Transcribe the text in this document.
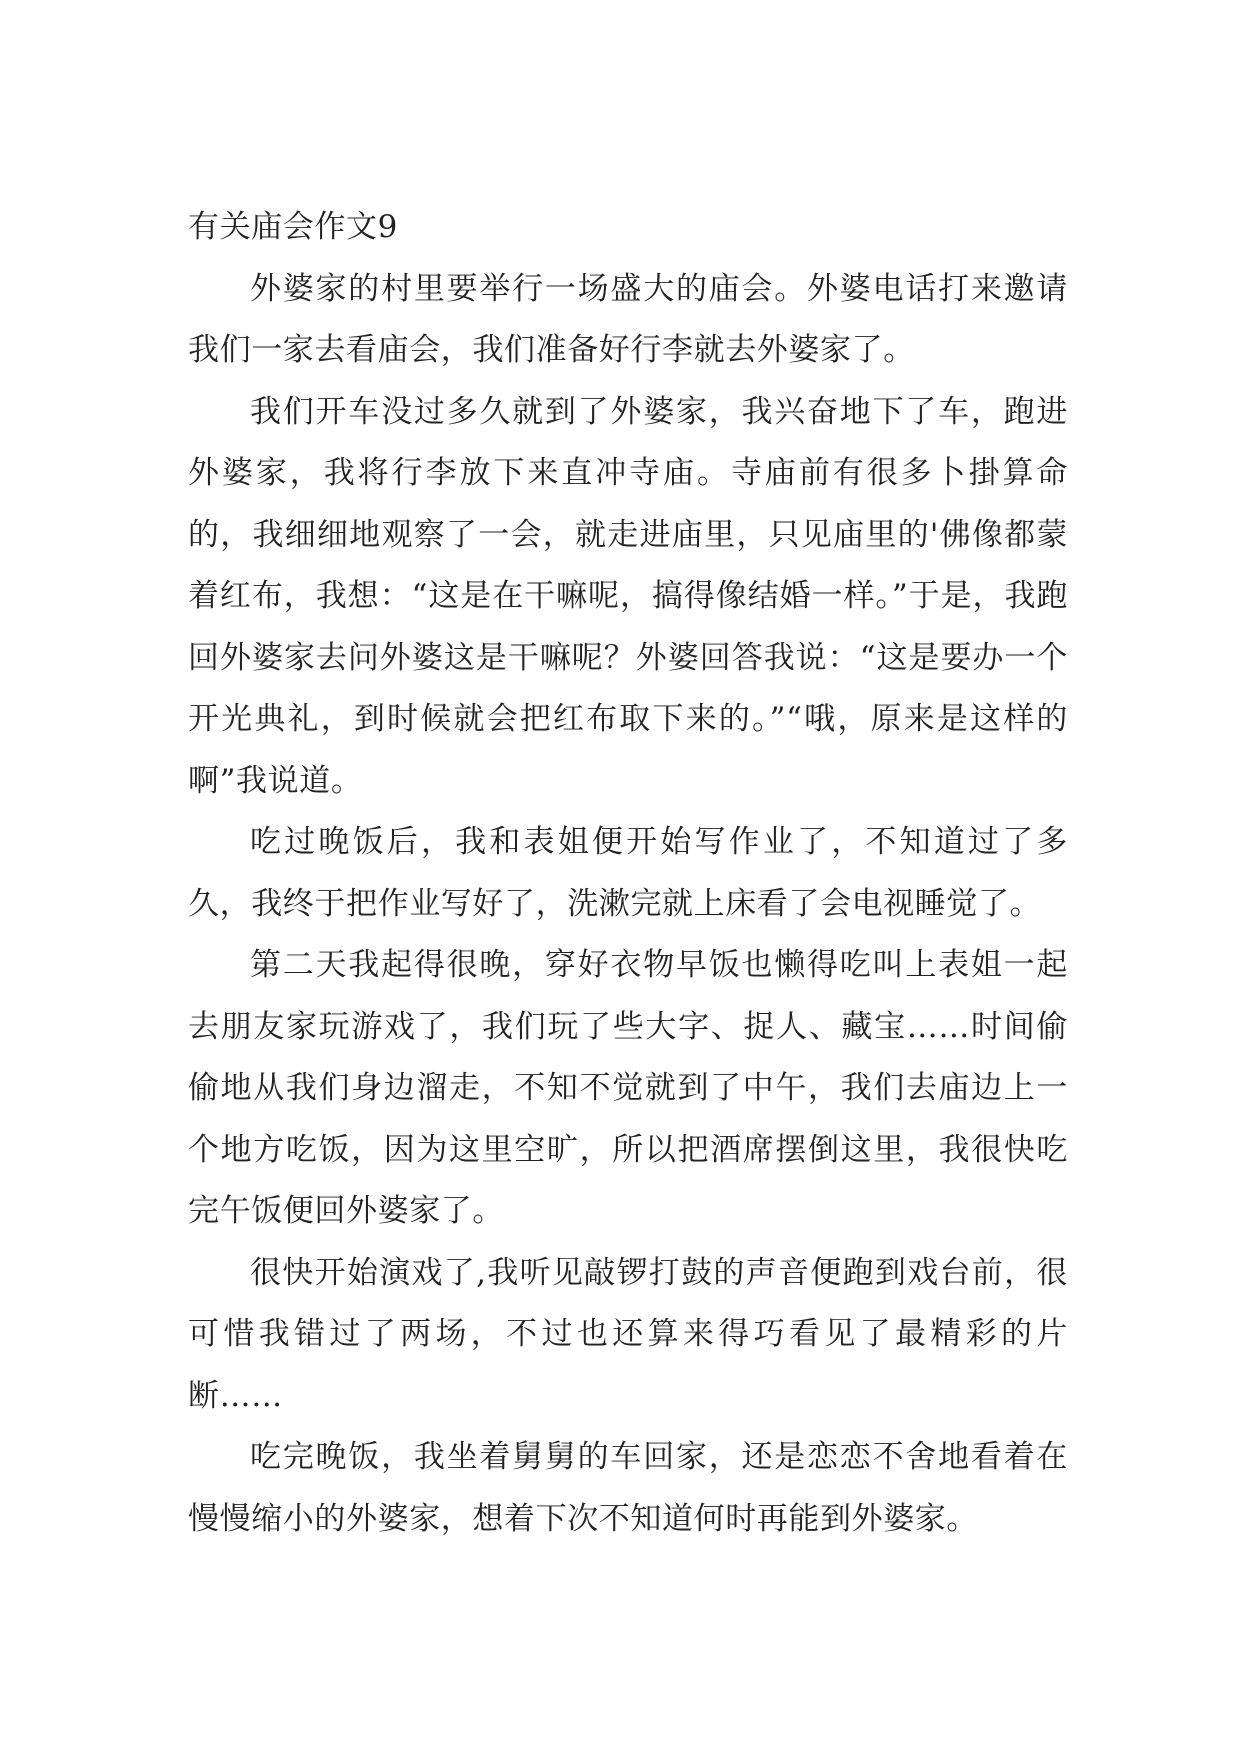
有关庙会作文9

外婆家的村里要举行一场盛大的庙会。外婆电话打来邀请我们一家去看庙会，我们准备好行李就去外婆家了。

我们开车没过多久就到了外婆家，我兴奋地下了车，跑进外婆家，我将行李放下来直冲寺庙。寺庙前有很多卜掛算命的，我细细地观察了一会，就走进庙里，只见庙里的'佛像都蒙着红布，我想：“这是在干嘛呢，搞得像结婚一样。”于是，我跑回外婆家去问外婆这是干嘛呢？外婆回答我说：“这是要办一个开光典礼，到时候就会把红布取下来的。”“哦，原来是这样的啊”我说道。

吃过晚饭后，我和表姐便开始写作业了，不知道过了多久，我终于把作业写好了，洗漱完就上床看了会电视睡觉了。

第二天我起得很晚，穿好衣物早饭也懒得吃叫上表姐一起去朋友家玩游戏了，我们玩了些大字、捉人、藏宝……时间偷偷地从我们身边溜走，不知不觉就到了中午，我们去庙边上一个地方吃饭，因为这里空旷，所以把酒席摆倒这里，我很快吃完午饭便回外婆家了。

很快开始演戏了,我听见敲锣打鼓的声音便跑到戏台前，很可惜我错过了两场，不过也还算来得巧看见了最精彩的片断……

吃完晚饭，我坐着舅舅的车回家，还是恋恋不舍地看着在慢慢缩小的外婆家，想着下次不知道何时再能到外婆家。
